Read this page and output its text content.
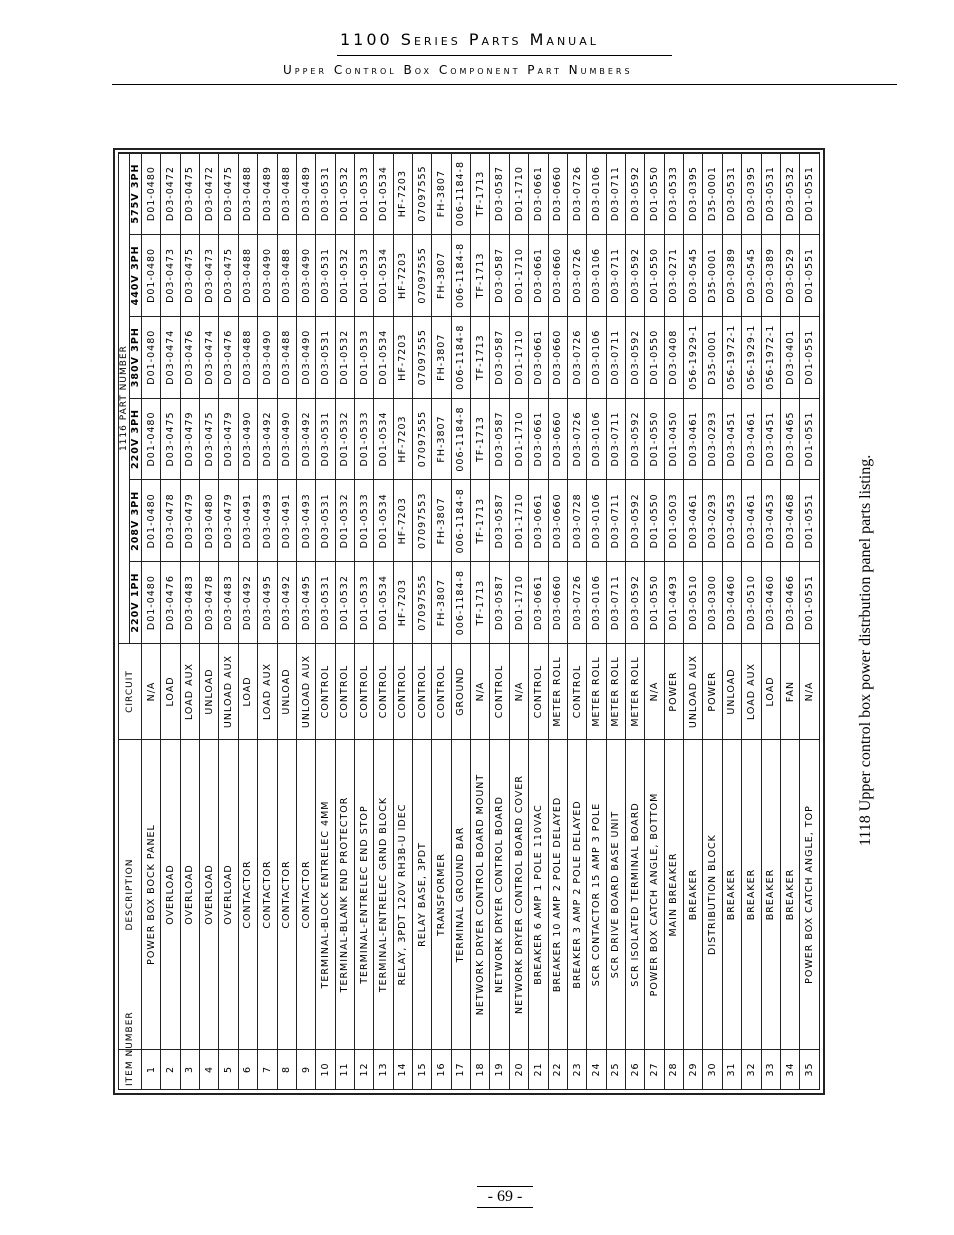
1100 Series Parts Manual
Upper Control Box Component Part Numbers
ITEM NUMBER	DESCRIPTION	CIRCUIT	1116 PART NUMBER					
			220V 1PH	208V 3PH	220V 3PH	380V 3PH	440V 3PH	575V 3PH
1	POWER BOX BOCK PANEL	N/A	D01-0480	D01-0480	D01-0480	D01-0480	D01-0480	D01-0480
2	OVERLOAD	LOAD	D03-0476	D03-0478	D03-0475	D03-0474	D03-0473	D03-0472
3	OVERLOAD	LOAD AUX	D03-0483	D03-0479	D03-0479	D03-0476	D03-0475	D03-0475
4	OVERLOAD	UNLOAD	D03-0478	D03-0480	D03-0475	D03-0474	D03-0473	D03-0472
5	OVERLOAD	UNLOAD AUX	D03-0483	D03-0479	D03-0479	D03-0476	D03-0475	D03-0475
6	CONTACTOR	LOAD	D03-0492	D03-0491	D03-0490	D03-0488	D03-0488	D03-0488
7	CONTACTOR	LOAD AUX	D03-0495	D03-0493	D03-0492	D03-0490	D03-0490	D03-0489
8	CONTACTOR	UNLOAD	D03-0492	D03-0491	D03-0490	D03-0488	D03-0488	D03-0488
9	CONTACTOR	UNLOAD AUX	D03-0495	D03-0493	D03-0492	D03-0490	D03-0490	D03-0489
10	TERMINAL-BLOCK ENTRELEC 4MM	CONTROL	D03-0531	D03-0531	D03-0531	D03-0531	D03-0531	D03-0531
11	TERMINAL-BLANK END PROTECTOR	CONTROL	D01-0532	D01-0532	D01-0532	D01-0532	D01-0532	D01-0532
12	TERMINAL-ENTRELEC END STOP	CONTROL	D01-0533	D01-0533	D01-0533	D01-0533	D01-0533	D01-0533
13	TERMINAL-ENTRELEC GRND BLOCK	CONTROL	D01-0534	D01-0534	D01-0534	D01-0534	D01-0534	D01-0534
14	RELAY, 3PDT 120V RH3B-U IDEC	CONTROL	HF-7203	HF-7203	HF-7203	HF-7203	HF-7203	HF-7203
15	RELAY BASE, 3PDT	CONTROL	07097555	07097553	07097555	07097555	07097555	07097555
16	TRANSFORMER	CONTROL	FH-3807	FH-3807	FH-3807	FH-3807	FH-3807	FH-3807
17	TERMINAL GROUND BAR	GROUND	006-1184-8	006-1184-8	006-1184-8	006-1184-8	006-1184-8	006-1184-8
18	NETWORK DRYER CONTROL BOARD MOUNT	N/A	TF-1713	TF-1713	TF-1713	TF-1713	TF-1713	TF-1713
19	NETWORK DRYER CONTROL BOARD	CONTROL	D03-0587	D03-0587	D03-0587	D03-0587	D03-0587	D03-0587
20	NETWORK DRYER CONTROL BOARD COVER	N/A	D01-1710	D01-1710	D01-1710	D01-1710	D01-1710	D01-1710
21	BREAKER 6 AMP 1 POLE 110VAC	CONTROL	D03-0661	D03-0661	D03-0661	D03-0661	D03-0661	D03-0661
22	BREAKER 10 AMP 2 POLE DELAYED	METER ROLL	D03-0660	D03-0660	D03-0660	D03-0660	D03-0660	D03-0660
23	BREAKER 3 AMP 2 POLE DELAYED	CONTROL	D03-0726	D03-0728	D03-0726	D03-0726	D03-0726	D03-0726
24	SCR CONTACTOR 15 AMP 3 POLE	METER ROLL	D03-0106	D03-0106	D03-0106	D03-0106	D03-0106	D03-0106
25	SCR DRIVE BOARD BASE UNIT	METER ROLL	D03-0711	D03-0711	D03-0711	D03-0711	D03-0711	D03-0711
26	SCR ISOLATED TERMINAL BOARD	METER ROLL	D03-0592	D03-0592	D03-0592	D03-0592	D03-0592	D03-0592
27	POWER BOX CATCH ANGLE, BOTTOM	N/A	D01-0550	D01-0550	D01-0550	D01-0550	D01-0550	D01-0550
28	MAIN BREAKER	POWER	D01-0493	D01-0503	D01-0450	D03-0408	D03-0271	D03-0533
29	BREAKER	UNLOAD AUX	D03-0510	D03-0461	D03-0461	056-1929-1	D03-0545	D03-0395
30	DISTRIBUTION BLOCK	POWER	D03-0300	D03-0293	D03-0293	D35-0001	D35-0001	D35-0001
31	BREAKER	UNLOAD	D03-0460	D03-0453	D03-0451	056-1972-1	D03-0389	D03-0531
32	BREAKER	LOAD AUX	D03-0510	D03-0461	D03-0461	056-1929-1	D03-0545	D03-0395
33	BREAKER	LOAD	D03-0460	D03-0453	D03-0451	056-1972-1	D03-0389	D03-0531
34	BREAKER	FAN	D03-0466	D03-0468	D03-0465	D03-0401	D03-0529	D03-0532
35	POWER BOX CATCH ANGLE, TOP	N/A	D01-0551	D01-0551	D01-0551	D01-0551	D01-0551	D01-0551
1118 Upper control box power distrbution panel parts listing.
- 69 -
